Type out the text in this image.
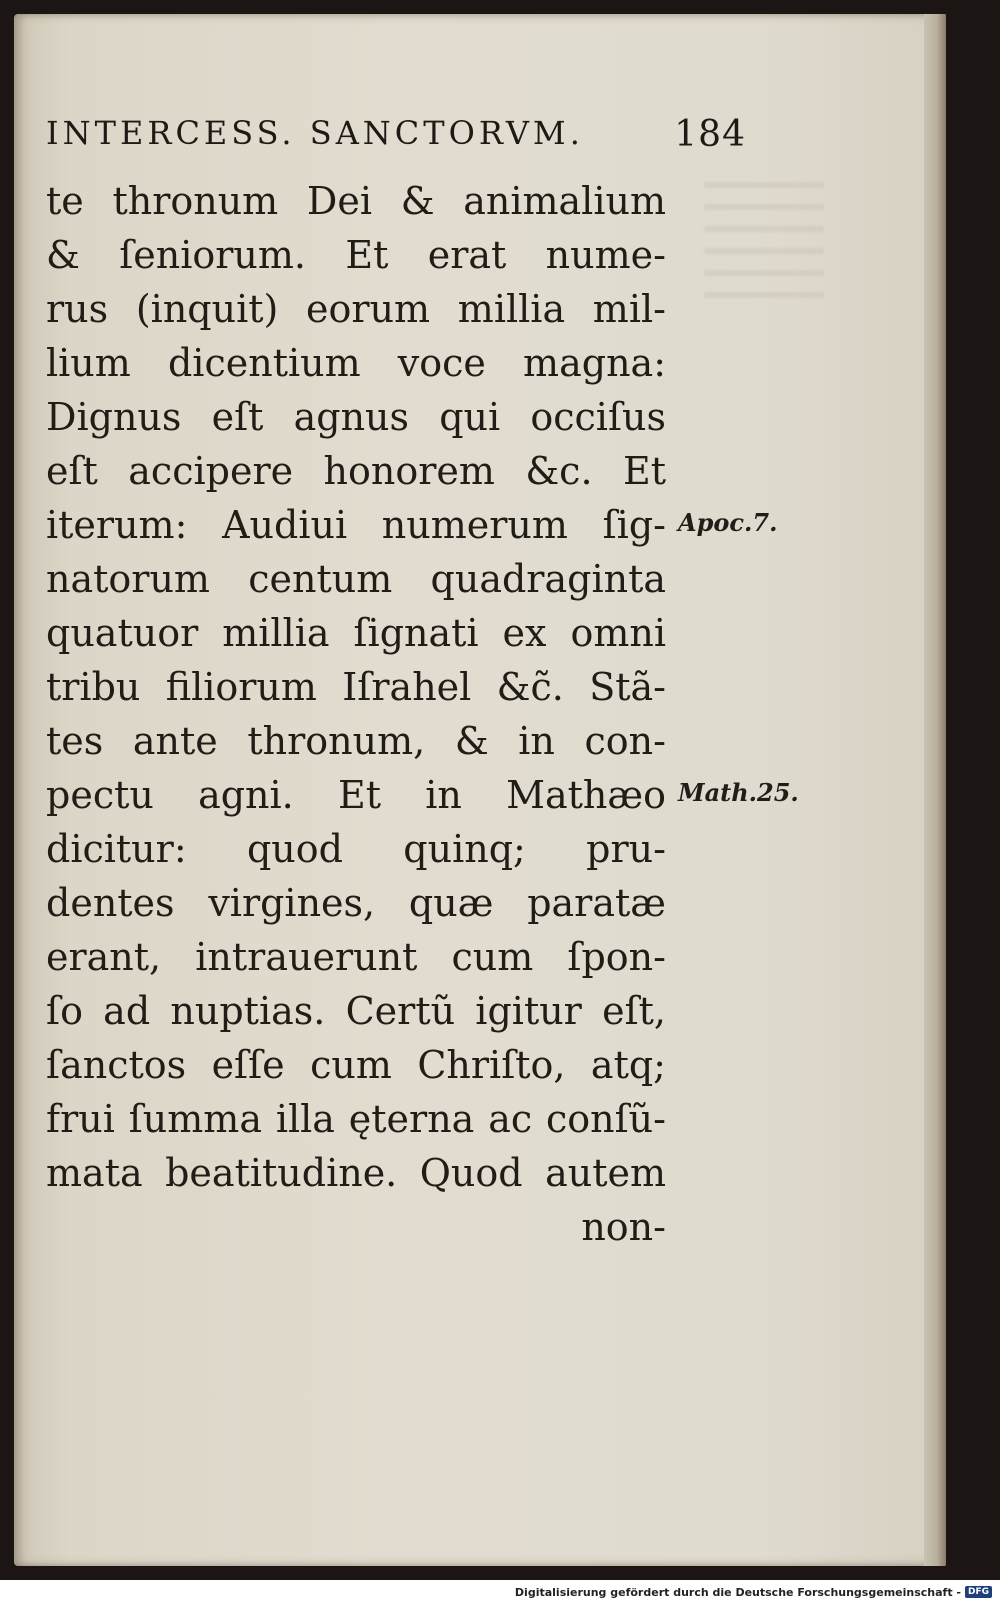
INTERCESS. SANCTORVM.	184
te thronum Dei & animalium
& ſeniorum. Et erat nume-
rus (inquit) eorum millia mil-
lium dicentium voce magna:
Dignus eſt agnus qui occiſus
eſt accipere honorem &c. Et
iterum: Audiui numerum ſig-
natorum centum quadraginta
quatuor millia ſignati ex omni
tribu filiorum Iſrahel &c̃. Stã-
tes ante thronum, & in con-
pectu agni. Et in Mathæo
dicitur: quod quinq; pru-
dentes virgines, quæ paratæ
erant, intrauerunt cum ſpon-
ſo ad nuptias. Certũ igitur eſt,
ſanctos eſſe cum Chriſto, atq;
frui ſumma illa ęterna ac conſũ-
mata beatitudine. Quod autem
non-
Apoc.7.
Math.25.
Digitalisierung gefördert durch die Deutsche Forschungsgemeinschaft - DFG
